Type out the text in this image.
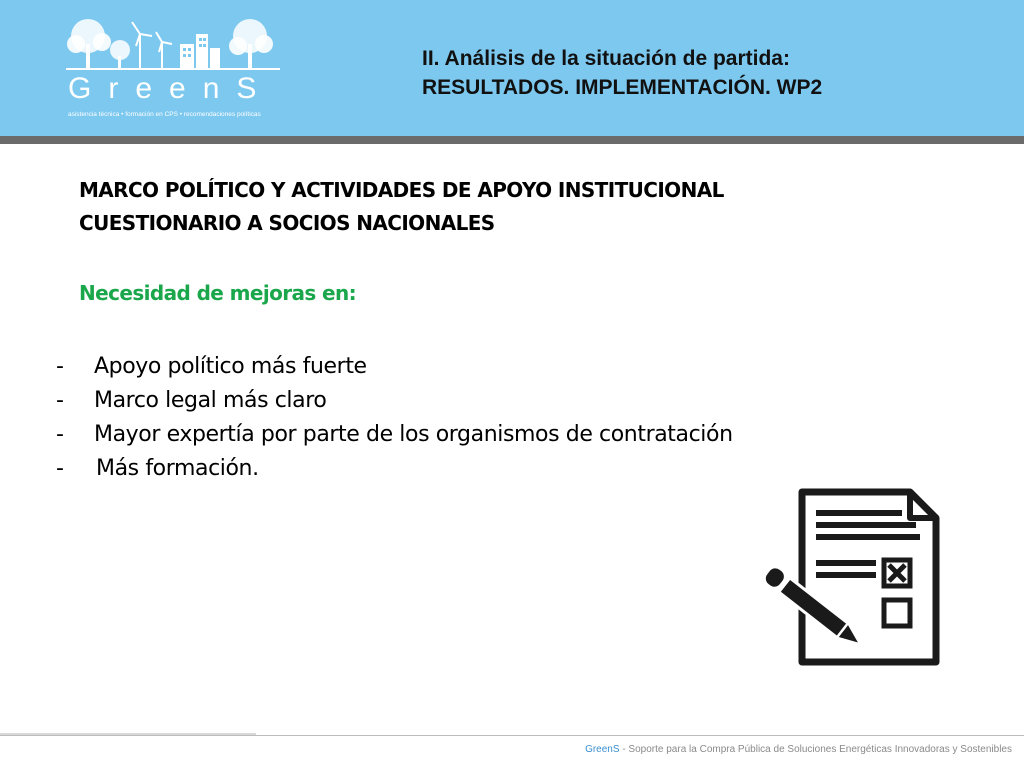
GreenS
asistencia técnica • formación en CPS • recomendaciones políticas
II. Análisis de la situación de partida:
RESULTADOS. IMPLEMENTACIÓN. WP2
MARCO POLÍTICO Y ACTIVIDADES DE APOYO INSTITUCIONAL
CUESTIONARIO A SOCIOS NACIONALES
Necesidad de mejoras en:
-	Apoyo político más fuerte
-	Marco legal más claro
-	Mayor expertía por parte de los organismos de contratación
-	Más formación.
GreenS - Soporte para la Compra Pública de Soluciones Energéticas Innovadoras y Sostenibles
